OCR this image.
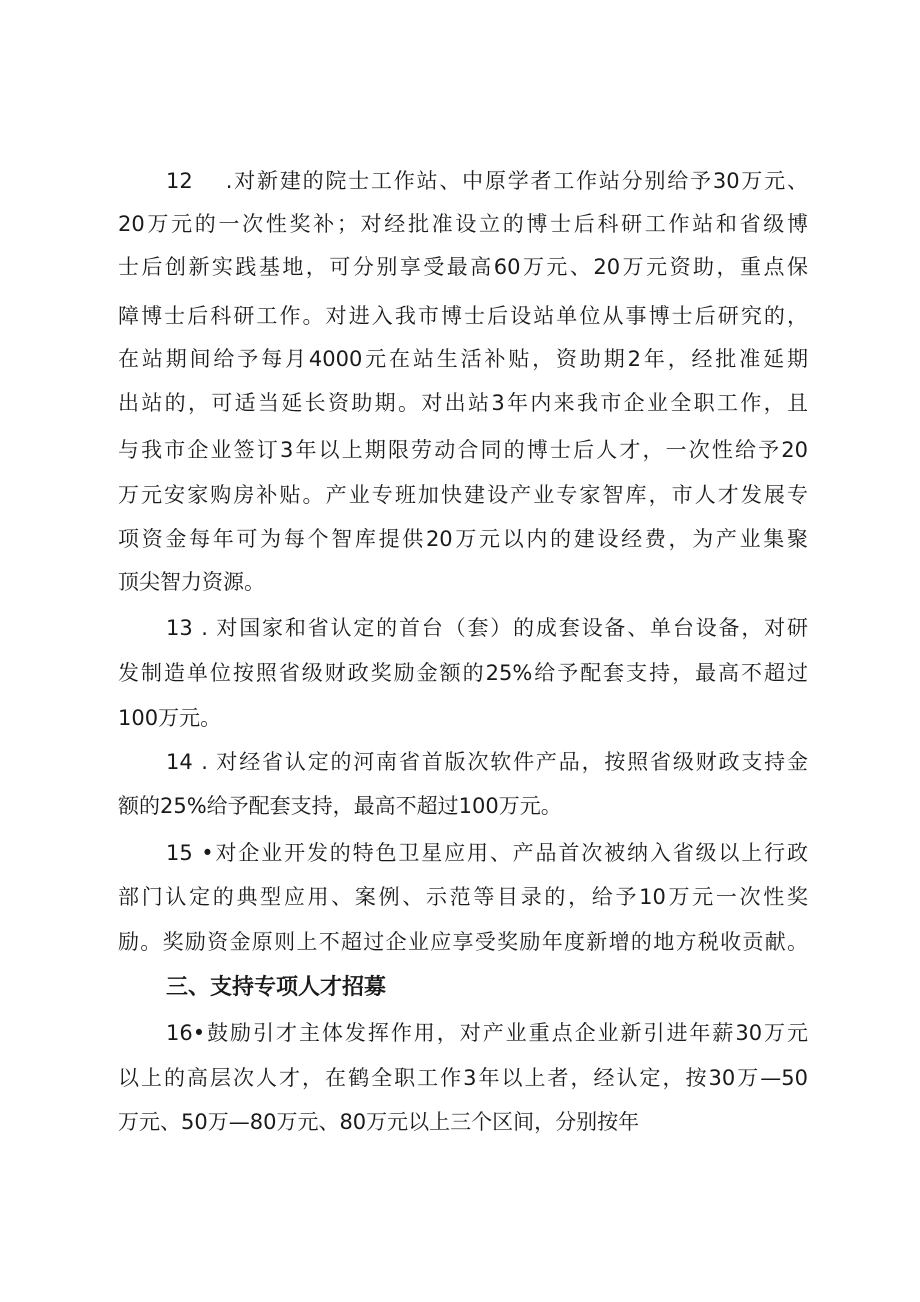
12　 .对新建的院士工作站、中原学者工作站分别给予30万元、
20万元的一次性奖补；对经批准设立的博士后科研工作站和省级博
士后创新实践基地，可分别享受最高60万元、20万元资助，重点保
障博士后科研工作。对进入我市博士后设站单位从事博士后研究的，
在站期间给予每月4000元在站生活补贴，资助期2年，经批准延期
出站的，可适当延长资助期。对出站3年内来我市企业全职工作，且
与我市企业签订3年以上期限劳动合同的博士后人才，一次性给予20
万元安家购房补贴。产业专班加快建设产业专家智库，市人才发展专
项资金每年可为每个智库提供20万元以内的建设经费，为产业集聚
顶尖智力资源。
13 . 对国家和省认定的首台（套）的成套设备、单台设备，对研
发制造单位按照省级财政奖励金额的25%给予配套支持，最高不超过
100万元。
14 . 对经省认定的河南省首版次软件产品，按照省级财政支持金
额的25%给予配套支持，最高不超过100万元。
15 •对企业开发的特色卫星应用、产品首次被纳入省级以上行政
部门认定的典型应用、案例、示范等目录的，给予10万元一次性奖
励。奖励资金原则上不超过企业应享受奖励年度新增的地方税收贡献。
三、支持专项人才招募
16•鼓励引才主体发挥作用，对产业重点企业新引进年薪30万元
以上的高层次人才，在鹤全职工作3年以上者，经认定，按30万—50
万元、50万—80万元、80万元以上三个区间，分别按年
